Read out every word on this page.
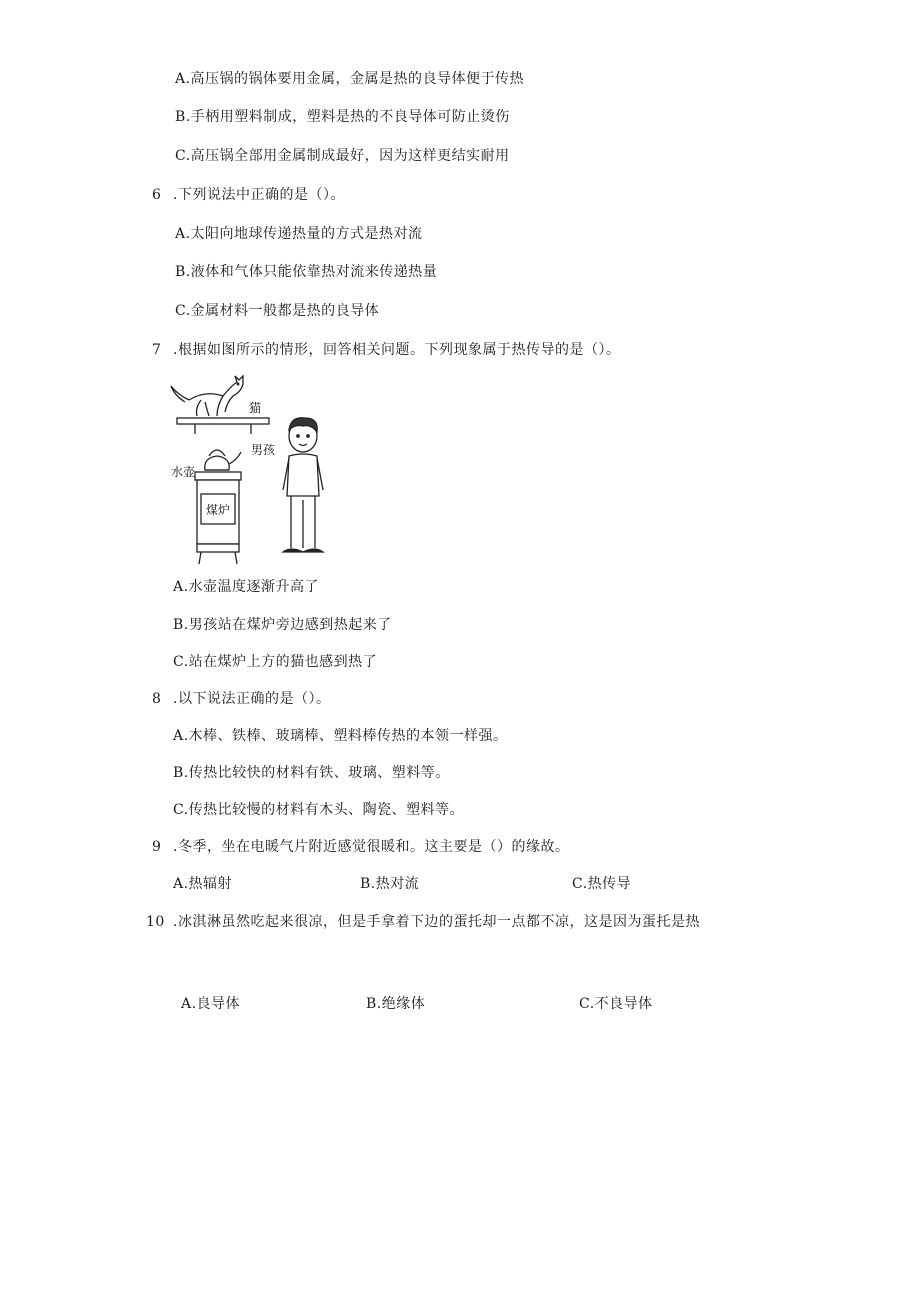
A.高压锅的锅体要用金属，金属是热的良导体便于传热
B.手柄用塑料制成，塑料是热的不良导体可防止烫伤
C.高压锅全部用金属制成最好，因为这样更结实耐用
6 .下列说法中正确的是（）。
A.太阳向地球传递热量的方式是热对流
B.液体和气体只能依靠热对流来传递热量
C.金属材料一般都是热的良导体
7 .根据如图所示的情形，回答相关问题。下列现象属于热传导的是（）。
猫
男孩
水壶
煤炉
A.水壶温度逐渐升高了
B.男孩站在煤炉旁边感到热起来了
C.站在煤炉上方的猫也感到热了
8 .以下说法正确的是（）。
A.木棒、铁棒、玻璃棒、塑料棒传热的本领一样强。
B.传热比较快的材料有铁、玻璃、塑料等。
C.传热比较慢的材料有木头、陶瓷、塑料等。
9 .冬季，坐在电暖气片附近感觉很暖和。这主要是（）的缘故。
A.热辐射	B.热对流	C.热传导
10 .冰淇淋虽然吃起来很凉，但是手拿着下边的蛋托却一点都不凉，这是因为蛋托是热
A.良导体	B.绝缘体	C.不良导体
